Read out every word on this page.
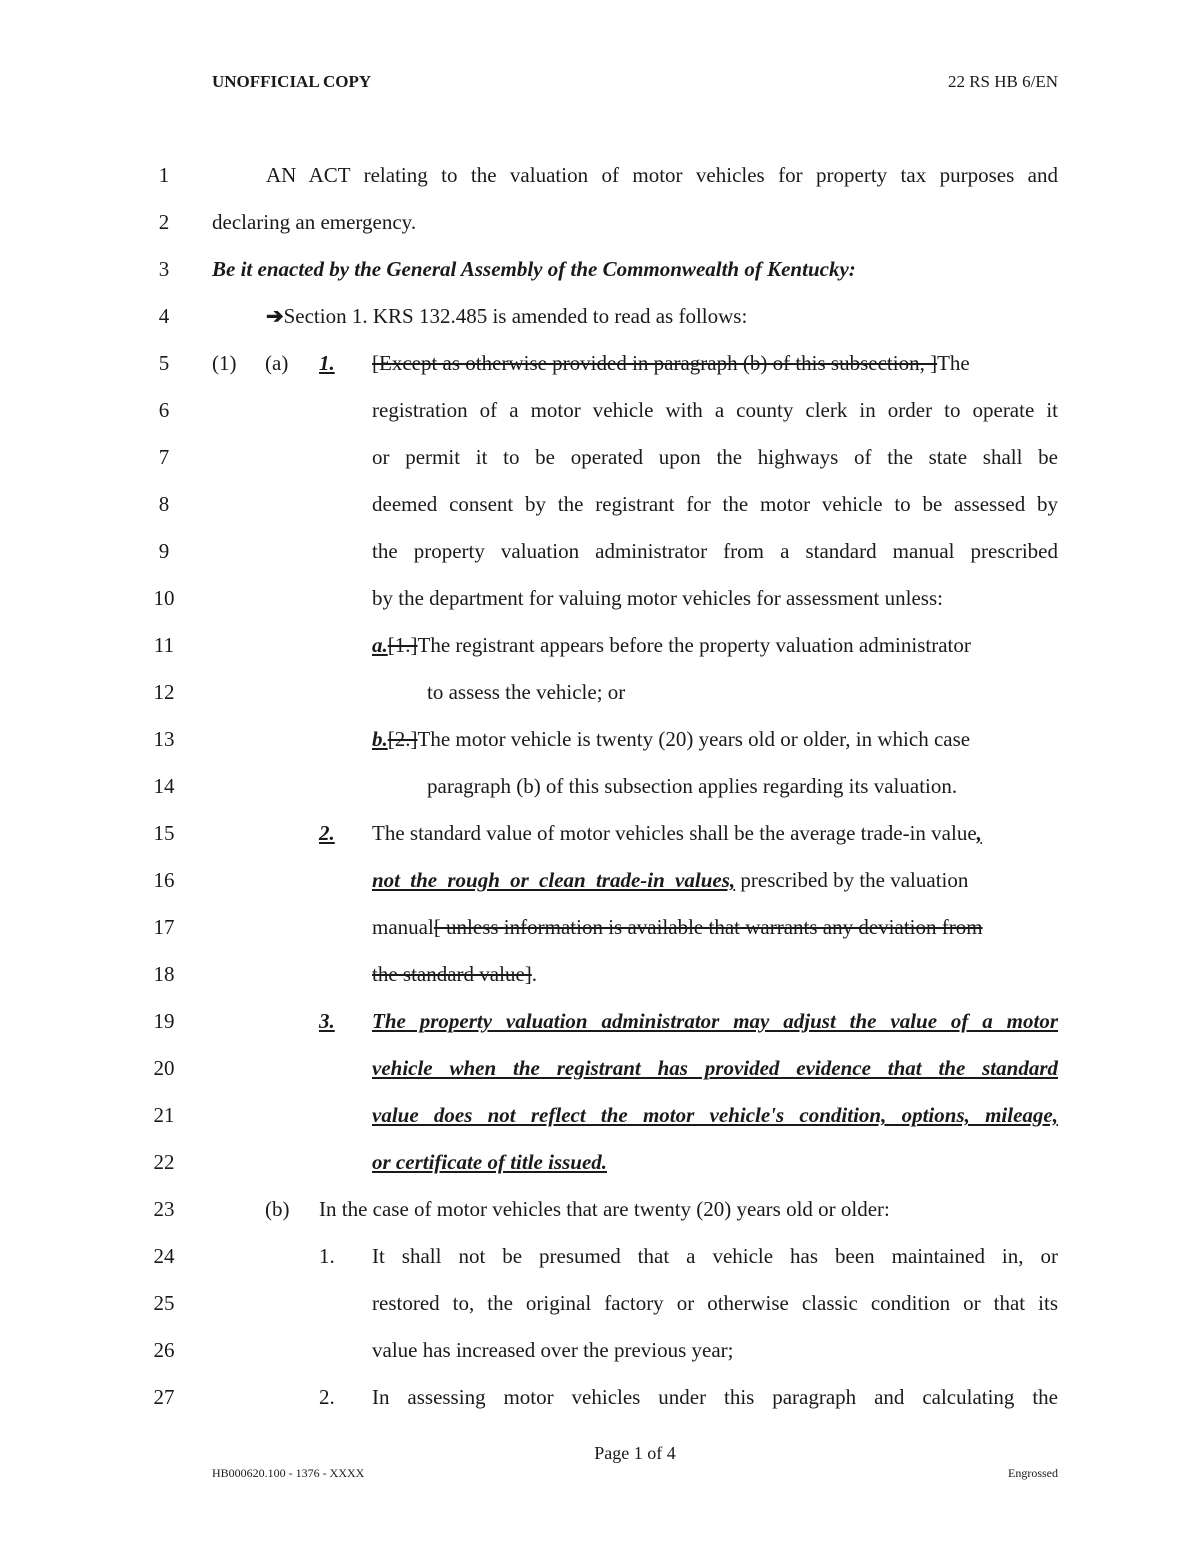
UNOFFICIAL COPY	22 RS HB 6/EN
1
2
3
4
5
6
7
8
9
10
11
12
13
14
15
16
17
18
19
20
21
22
23
24
25
26
27
AN ACT relating to the valuation of motor vehicles for property tax purposes and
declaring an emergency.
Be it enacted by the General Assembly of the Commonwealth of Kentucky:
➔Section 1. KRS 132.485 is amended to read as follows:
(1) (a) 1. [Except as otherwise provided in paragraph (b) of this subsection, ]The
registration of a motor vehicle with a county clerk in order to operate it
or permit it to be operated upon the highways of the state shall be
deemed consent by the registrant for the motor vehicle to be assessed by
the property valuation administrator from a standard manual prescribed
by the department for valuing motor vehicles for assessment unless:
a.[1.]The registrant appears before the property valuation administrator
to assess the vehicle; or
b.[2.]The motor vehicle is twenty (20) years old or older, in which case
paragraph (b) of this subsection applies regarding its valuation.
2. The standard value of motor vehicles shall be the average trade-in value,
not the rough or clean trade-in values, prescribed by the valuation
manual[ unless information is available that warrants any deviation from
the standard value].
3.	The property valuation administrator may adjust the value of a motor
vehicle when the registrant has provided evidence that the standard
value does not reflect the motor vehicle's condition, options, mileage,
or certificate of title issued.
(b) In the case of motor vehicles that are twenty (20) years old or older:
1. It shall not be presumed that a vehicle has been maintained in, or
restored to, the original factory or otherwise classic condition or that its
value has increased over the previous year;
2. In assessing motor vehicles under this paragraph and calculating the
Page 1 of 4
HB000620.100 - 1376 - XXXX	Engrossed
